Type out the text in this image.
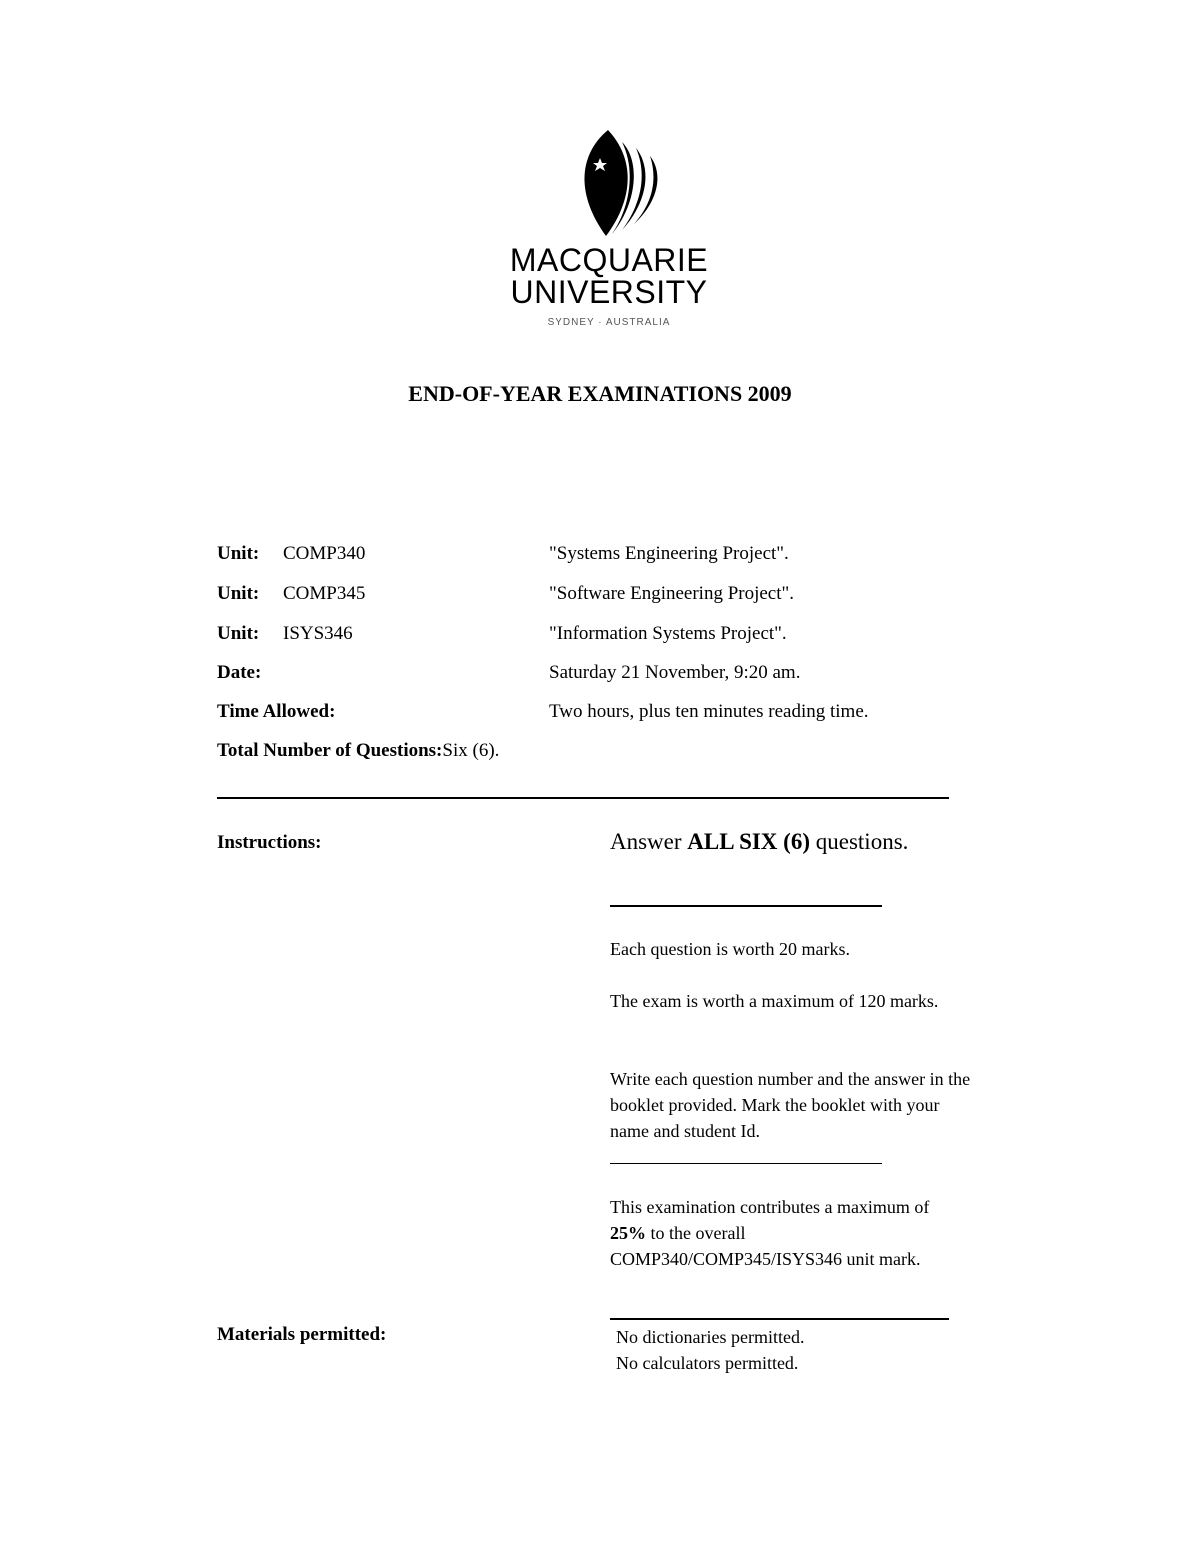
MACQUARIE
UNIVERSITY
SYDNEY · AUSTRALIA
END-OF-YEAR EXAMINATIONS 2009
Unit: COMP340	"Systems Engineering Project".
Unit: COMP345	"Software Engineering Project".
Unit: ISYS346	"Information Systems Project".
Date:	Saturday 21 November, 9:20 am.
Time Allowed:	Two hours, plus ten minutes reading time.
Total Number of Questions:Six (6).
Instructions:	Answer ALL SIX (6) questions.
Each question is worth 20 marks.
The exam is worth a maximum of 120 marks.
Write each question number and the answer in the booklet provided. Mark the booklet with your name and student Id.
This examination contributes a maximum of 25% to the overall COMP340/COMP345/ISYS346 unit mark.
Materials permitted:	No dictionaries permitted.
No calculators permitted.
